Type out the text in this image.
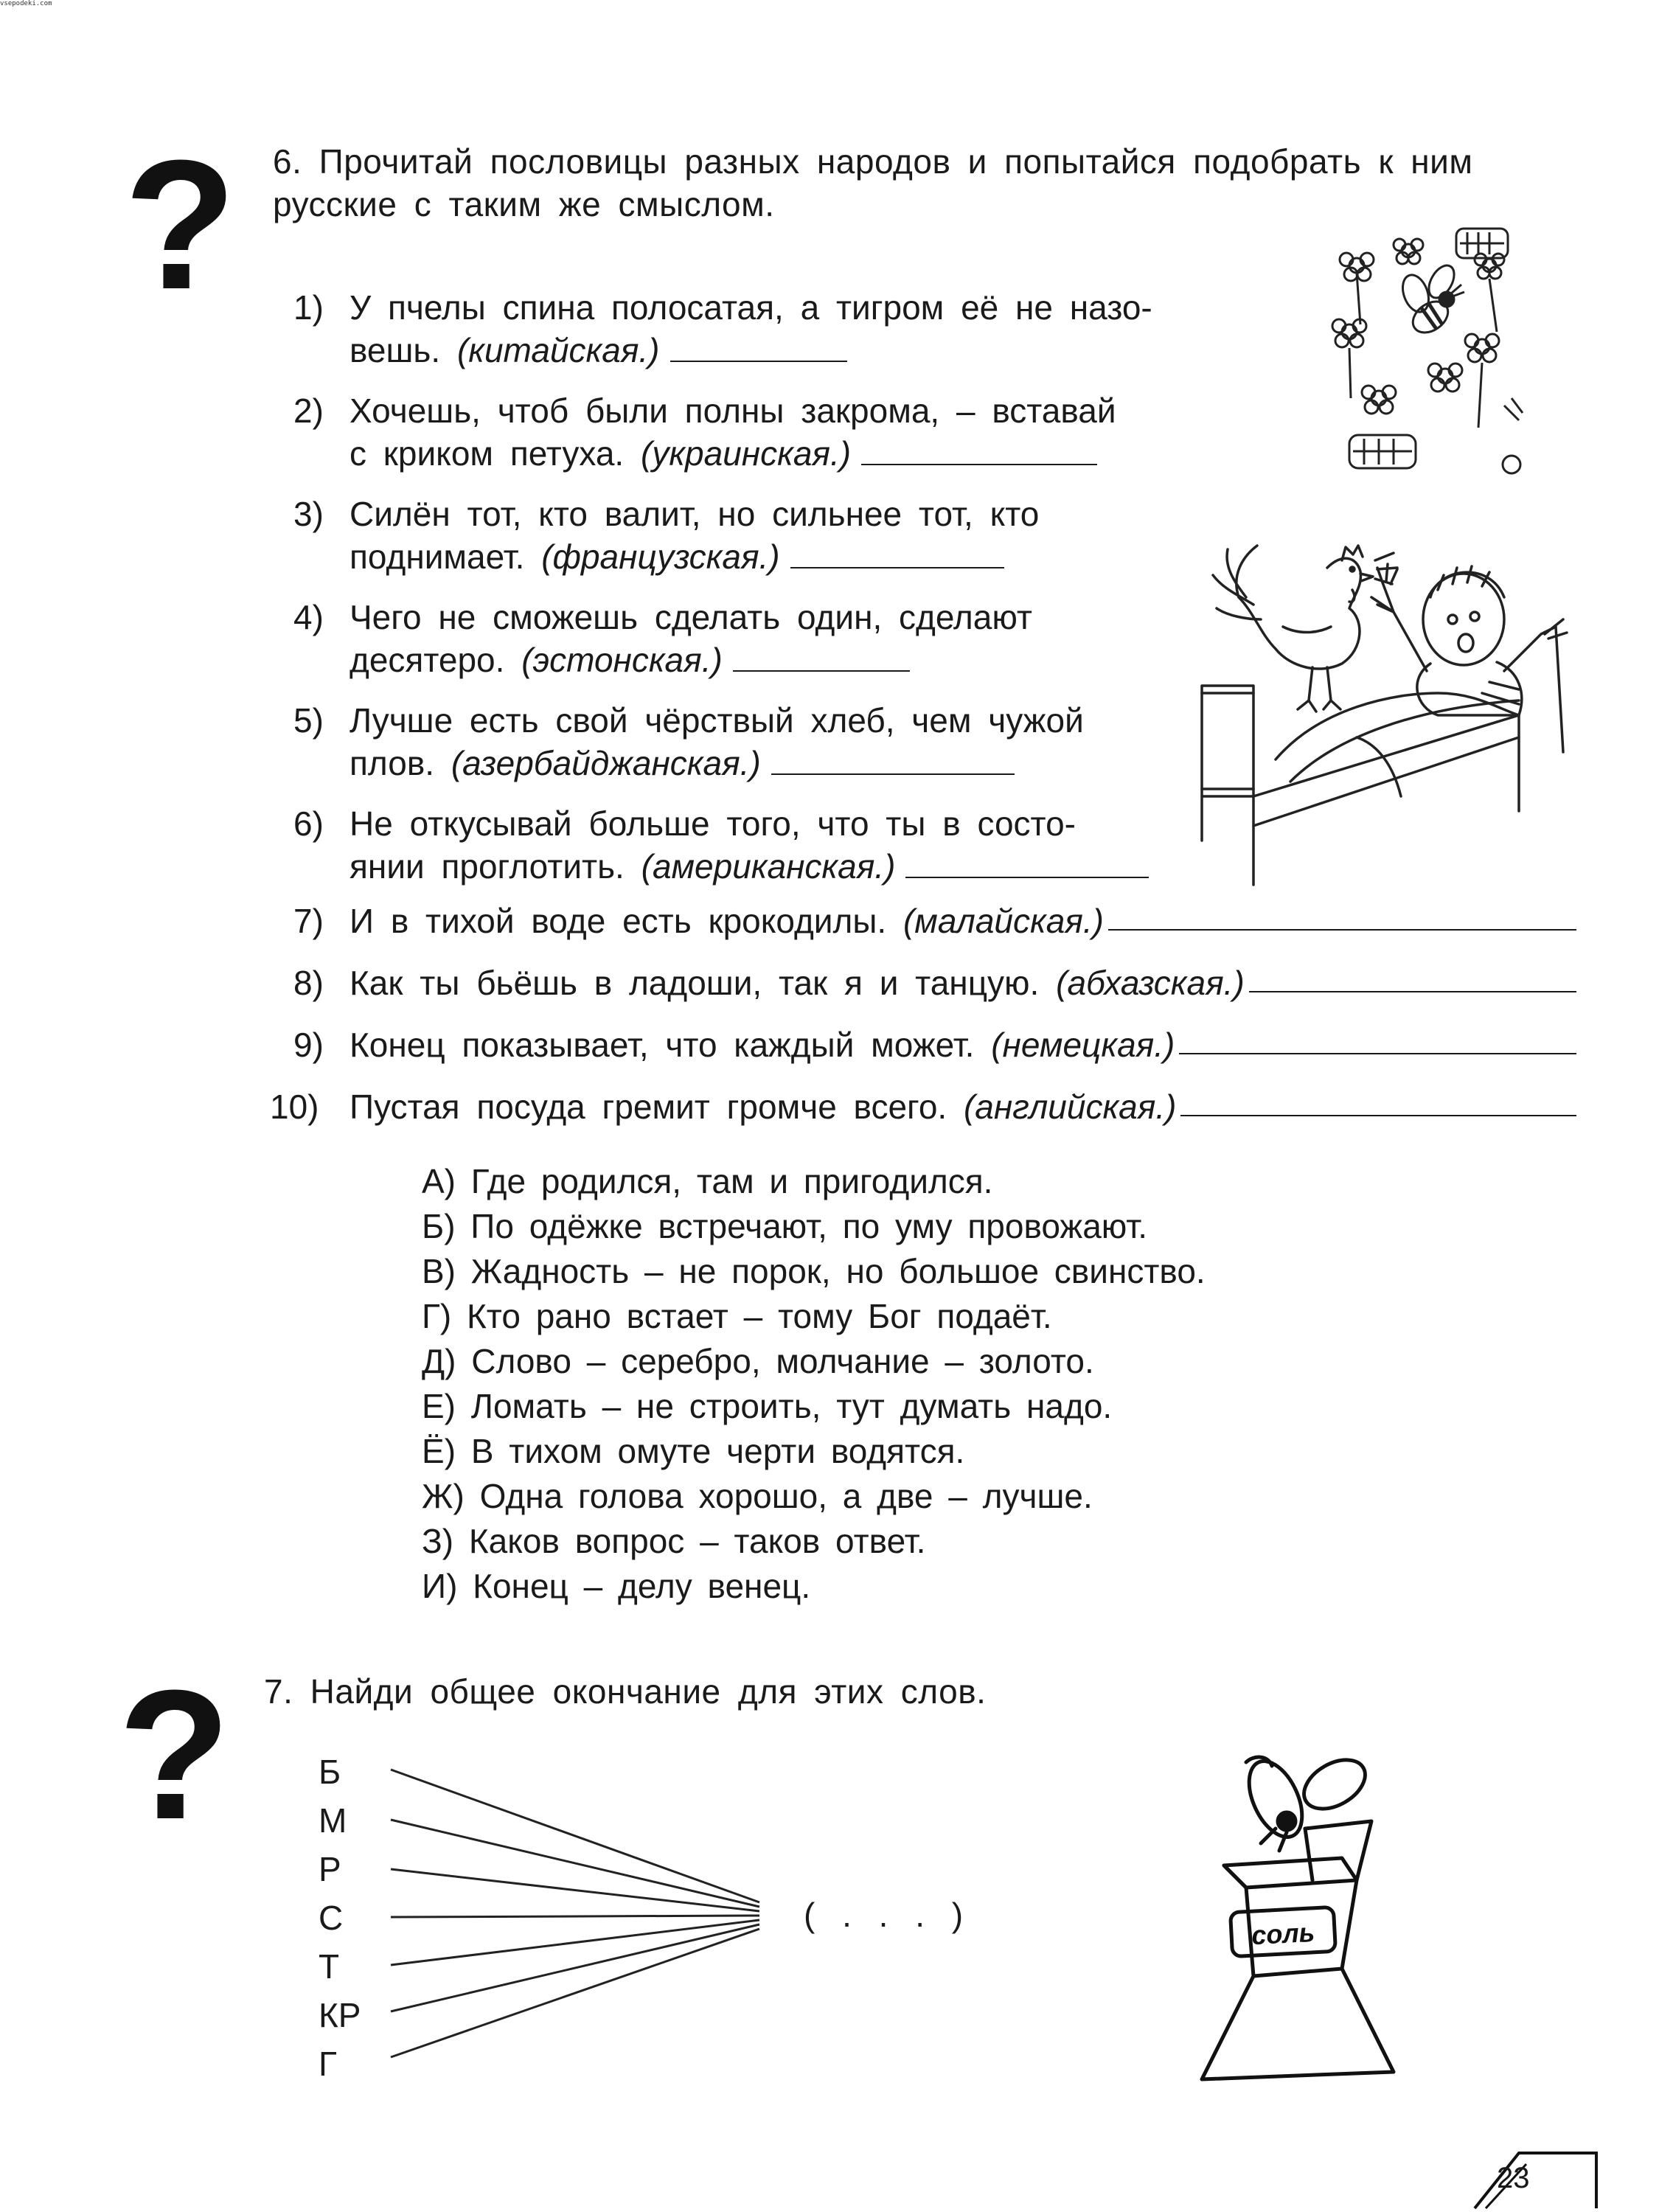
vsepodeki.com
? 6. Прочитай пословицы разных народов и попытайся подобрать к ним
русские с таким же смыслом.
1) У пчелы спина полосатая, а тигром её не назо-
вешь. (китайская.)
2) Хочешь, чтоб были полны закрома, – вставай
с криком петуха. (украинская.)
3) Силён тот, кто валит, но сильнее тот, кто
поднимает. (французская.)
4) Чего не сможешь сделать один, сделают
десятеро. (эстонская.)
5) Лучше есть свой чёрствый хлеб, чем чужой
плов. (азербайджанская.)
6) Не откусывай больше того, что ты в состо-
янии проглотить. (американская.)
7) И в тихой воде есть крокодилы.
(малайская.)
8) Как ты бьёшь в ладоши, так я и танцую.
(абхазская.)
9) Конец показывает, что каждый может.
(немецкая.)
10) Пустая посуда гремит громче всего.
(английская.)
А) Где родился, там и пригодился.
Б) По одёжке встречают, по уму провожают.
В) Жадность – не порок, но большое свинство.
Г) Кто рано встает – тому Бог подаёт.
Д) Слово – серебро, молчание – золото.
Е) Ломать – не строить, тут думать надо.
Ё) В тихом омуте черти водятся.
Ж) Одна голова хорошо, а две – лучше.
З) Каков вопрос – таков ответ.
И) Конец – делу венец.
? 7. Найди общее окончание для этих слов.
Б
М
Р
С
Т
КР
Г
( . . . )	соль
23
